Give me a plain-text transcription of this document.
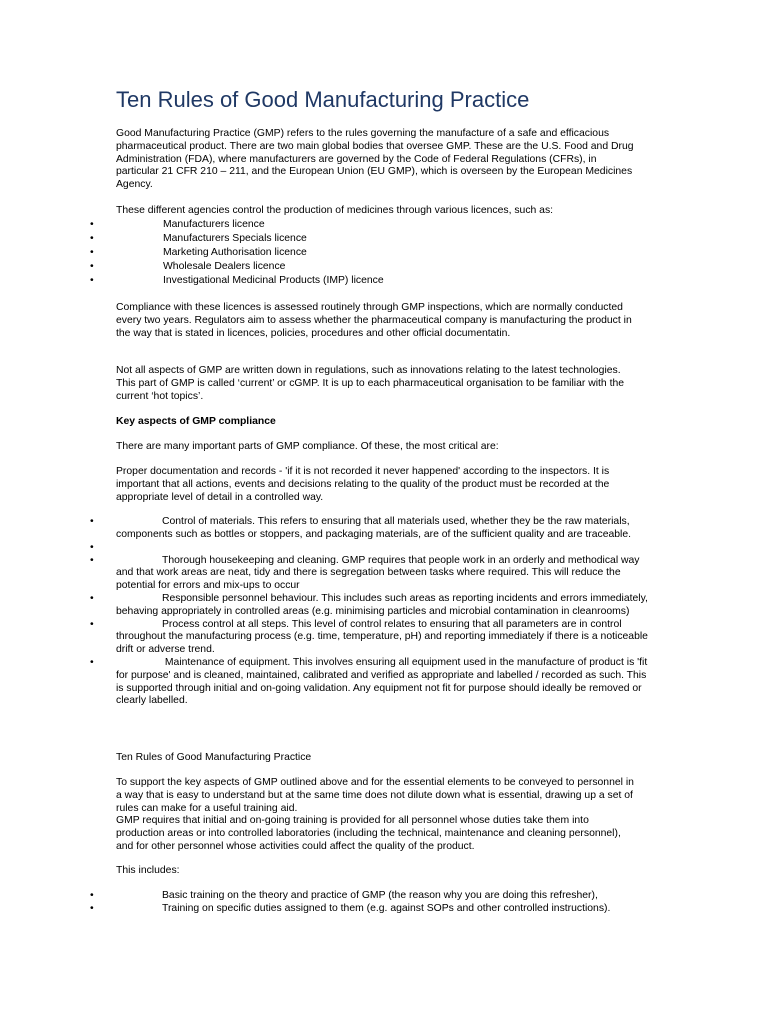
Ten Rules of Good Manufacturing Practice

Good Manufacturing Practice (GMP) refers to the rules governing the manufacture of a safe and efficacious pharmaceutical product. There are two main global bodies that oversee GMP. These are the U.S. Food and Drug Administration (FDA), where manufacturers are governed by the Code of Federal Regulations (CFRs), in particular 21 CFR 210 – 211, and the European Union (EU GMP), which is overseen by the European Medicines Agency.

These different agencies control the production of medicines through various licences, such as:

•	Manufacturers licence
•	Manufacturers Specials licence
•	Marketing Authorisation licence
•	Wholesale Dealers licence
•	Investigational Medicinal Products (IMP) licence

Compliance with these licences is assessed routinely through GMP inspections, which are normally conducted every two years. Regulators aim to assess whether the pharmaceutical company is manufacturing the product in the way that is stated in licences, policies, procedures and other official documentatin.

Not all aspects of GMP are written down in regulations, such as innovations relating to the latest technologies. This part of GMP is called ‘current’ or cGMP. It is up to each pharmaceutical organisation to be familiar with the current ‘hot topics’.

Key aspects of GMP compliance

There are many important parts of GMP compliance. Of these, the most critical are:

Proper documentation and records - 'if it is not recorded it never happened' according to the inspectors. It is important that all actions, events and decisions relating to the quality of the product must be recorded at the appropriate level of detail in a controlled way.

•	Control of materials. This refers to ensuring that all materials used, whether they be the raw materials, components such as bottles or stoppers, and packaging materials, are of the sufficient quality and are traceable.
•
•	Thorough housekeeping and cleaning. GMP requires that people work in an orderly and methodical way and that work areas are neat, tidy and there is segregation between tasks where required. This will reduce the potential for errors and mix-ups to occur
•	Responsible personnel behaviour. This includes such areas as reporting incidents and errors immediately, behaving appropriately in controlled areas (e.g. minimising particles and microbial contamination in cleanrooms)
•	Process control at all steps. This level of control relates to ensuring that all parameters are in control throughout the manufacturing process (e.g. time, temperature, pH) and reporting immediately if there is a noticeable drift or adverse trend.
•	Maintenance of equipment. This involves ensuring all equipment used in the manufacture of product is 'fit for purpose' and is cleaned, maintained, calibrated and verified as appropriate and labelled / recorded as such. This is supported through initial and on-going validation. Any equipment not fit for purpose should ideally be removed or clearly labelled.

Ten Rules of Good Manufacturing Practice

To support the key aspects of GMP outlined above and for the essential elements to be conveyed to personnel in a way that is easy to understand but at the same time does not dilute down what is essential, drawing up a set of rules can make for a useful training aid.

GMP requires that initial and on-going training is provided for all personnel whose duties take them into production areas or into controlled laboratories (including the technical, maintenance and cleaning personnel), and for other personnel whose activities could affect the quality of the product.

This includes:

•	Basic training on the theory and practice of GMP (the reason why you are doing this refresher),
•	Training on specific duties assigned to them (e.g. against SOPs and other controlled instructions).
